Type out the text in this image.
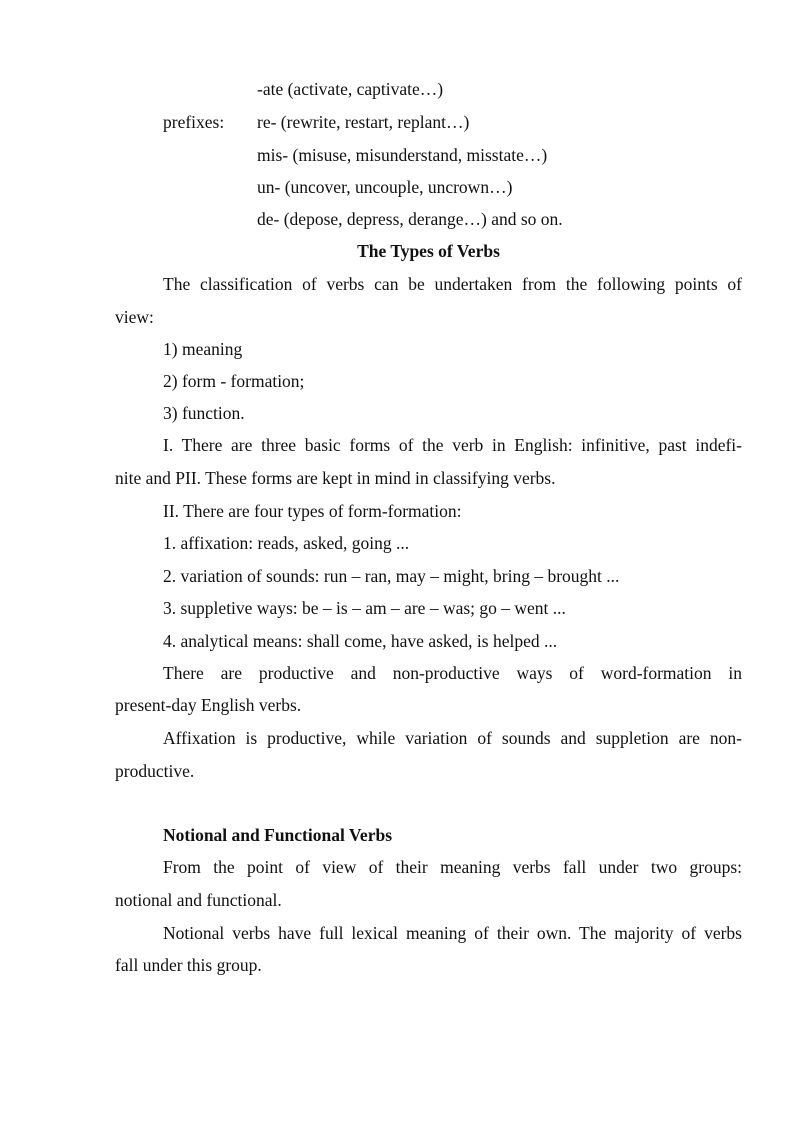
-ate (activate, captivate…)
prefixes: re- (rewrite, restart, replant…)
mis- (misuse, misunderstand, misstate…)
un- (uncover, uncouple, uncrown…)
de- (depose, depress, derange…) and so on.
The Types of Verbs
The classification of verbs can be undertaken from the following points of
view:
1) meaning
2) form - formation;
3) function.
I. There are three basic forms of the verb in English: infinitive, past indefi-
nite and PII. These forms are kept in mind in classifying verbs.
II. There are four types of form-formation:
1. affixation: reads, asked, going ...
2. variation of sounds: run – ran, may – might, bring – brought ...
3. suppletive ways: be – is – am – are – was; go – went ...
4. analytical means: shall come, have asked, is helped ...
There are productive and non-productive ways of word-formation in
present-day English verbs.
Affixation is productive, while variation of sounds and suppletion are non-
productive.
Notional and Functional Verbs
From the point of view of their meaning verbs fall under two groups:
notional and functional.
Notional verbs have full lexical meaning of their own. The majority of verbs
fall under this group.
